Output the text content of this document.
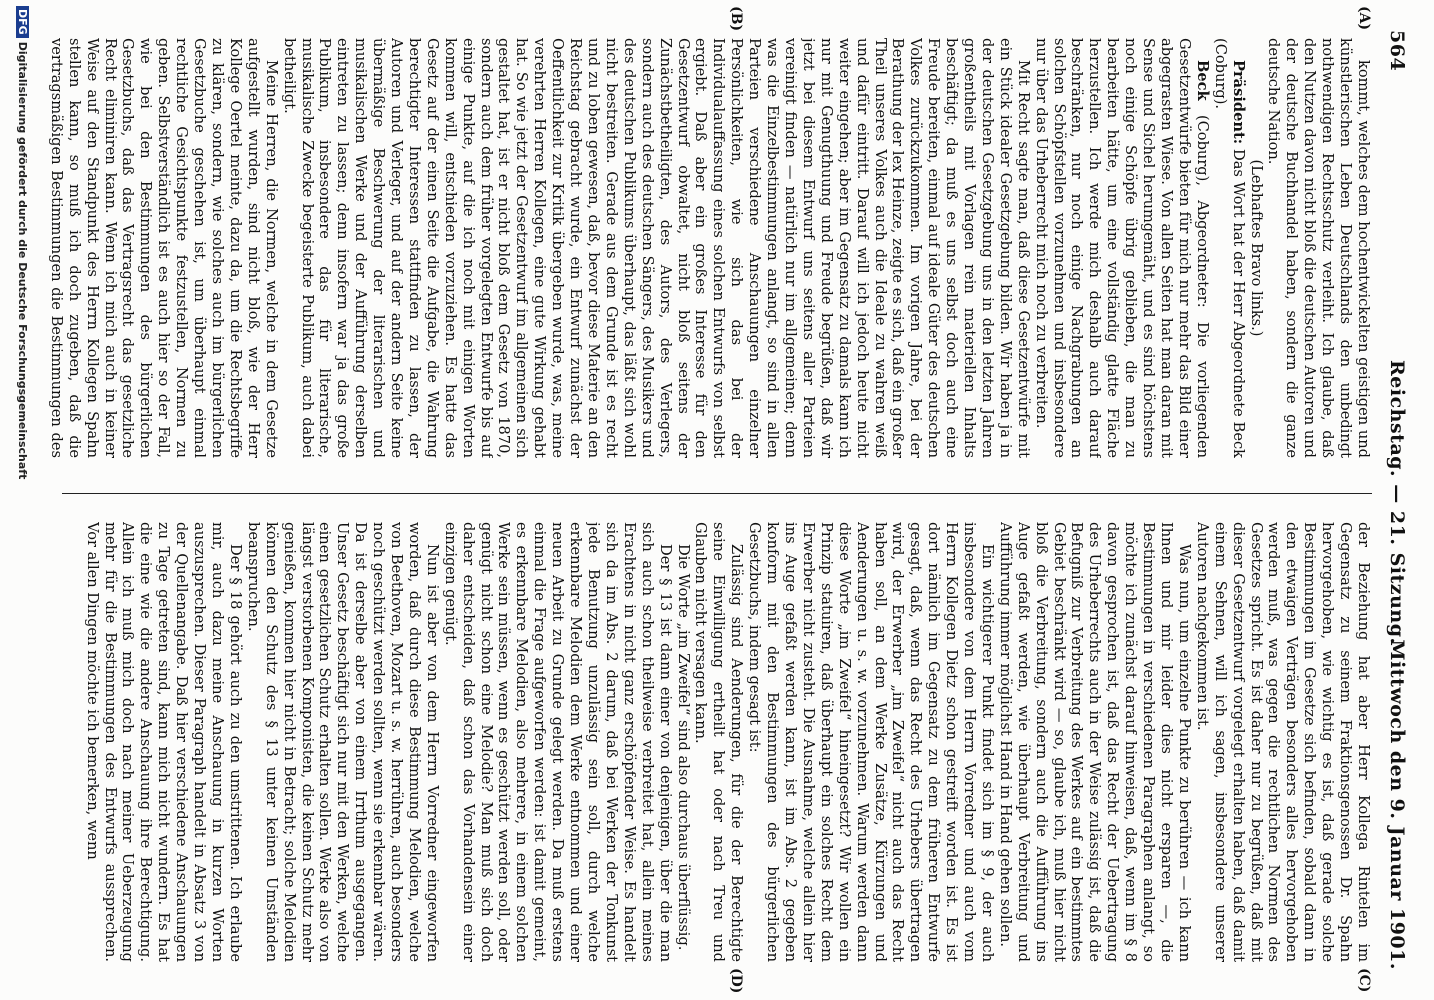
564
Reichstag. — 21. Sitzung.
Mittwoch den 9. Januar 1901.
(A)
(B)
(C)
(D)

kommt, welches dem hochentwickelten geistigen und künstlerischen Leben Deutschlands den unbedingt nothwendigen Rechtsschutz verleiht. Ich glaube, daß den Nutzen davon nicht bloß die deutschen Autoren und der deutsche Buchhandel haben, sondern die ganze deutsche Nation.

(Lebhaftes Bravo links.)

Präsident: Das Wort hat der Herr Abgeordnete Beck (Coburg).

Beck (Coburg), Abgeordneter: Die vorliegenden Gesetzentwürfe bieten für mich nur mehr das Bild einer abgegrasten Wiese. Von allen Seiten hat man daran mit Sense und Sichel herumgemäht, und es sind höchstens noch einige Schöpfe übrig geblieben, die man zu bearbeiten hätte, um eine vollständig glatte Fläche herzustellen. Ich werde mich deshalb auch darauf beschränken, nur noch einige Nachgrabungen an solchen Schöpfstellen vorzunehmen und insbesondere nur über das Urheberrecht mich noch zu verbreiten.

Mit Recht sagte man, daß diese Gesetzentwürfe mit ein Stück idealer Gesetzgebung bilden. Wir haben ja in der deutschen Gesetzgebung uns in den letzten Jahren großentheils mit Vorlagen rein materiellen Inhalts beschäftigt; da muß es uns selbst doch auch eine Freude bereiten, einmal auf ideale Güter des deutschen Volkes zurückzukommen. Im vorigen Jahre, bei der Berathung der lex Heinze, zeigte es sich, daß ein großer Theil unseres Volkes auch die Ideale zu wahren weiß und dafür eintritt. Darauf will ich jedoch heute nicht weiter eingehen; aber im Gegensatz zu damals kann ich nur mit Genugthuung und Freude begrüßen, daß wir jetzt bei diesem Entwurf uns seitens aller Parteien vereinigt finden — natürlich nur im allgemeinen; denn was die Einzelbestimmungen anlangt, so sind in allen Parteien verschiedene Anschauungen einzelner Persönlichkeiten, wie sich das bei der Individualauffassung eines solchen Entwurfs von selbst ergiebt. Daß aber ein großes Interesse für den Gesetzentwurf obwaltet, nicht bloß seitens der Zunächstbetheiligten, des Autors, des Verlegers, sondern auch des deutschen Sängers, des Musikers und des deutschen Publikums überhaupt, das läßt sich wohl nicht bestreiten. Gerade aus dem Grunde ist es recht und zu loben gewesen, daß, bevor diese Materie an den Reichstag gebracht wurde, ein Entwurf zunächst der Oeffentlichkeit zur Kritik übergeben wurde, was, meine verehrten Herren Kollegen, eine gute Wirkung gehabt hat. So wie jetzt der Gesetzentwurf im allgemeinen sich gestaltet hat, ist er nicht bloß dem Gesetz von 1870, sondern auch dem früher vorgelegten Entwurfe bis auf einige Punkte, auf die ich noch mit einigen Worten kommen will, entschieden vorzuziehen. Es hatte das Gesetz auf der einen Seite die Aufgabe, die Wahrung berechtigter Interessen stattfinden zu lassen, der Autoren und Verleger, und auf der andern Seite keine übermäßige Beschwerung der literarischen und musikalischen Werke und der Aufführung derselben eintreten zu lassen; denn insofern war ja das große Publikum, insbesondere das für literarische, musikalische Zwecke begeisterte Publikum, auch dabei betheiligt.

Meine Herren, die Normen, welche in dem Gesetze aufgestellt wurden, sind nicht bloß, wie der Herr Kollege Oertel meinte, dazu da, um die Rechtsbegriffe zu klären, sondern, wie solches auch im bürgerlichen Gesetzbuche geschehen ist, um überhaupt einmal rechtliche Gesichtspunkte festzustellen, Normen zu geben. Selbstverständlich ist es auch hier so der Fall, wie bei den Bestimmungen des bürgerlichen Gesetzbuchs, daß das Vertragsrecht das gesetzliche Recht eliminiren kann. Wenn ich mich auch in keiner Weise auf den Standpunkt des Herrn Kollegen Spahn stellen kann, so muß ich doch zugeben, daß die vertragsmäßigen Bestimmungen die Bestimmungen des

der Beziehung hat aber Herr Kollega Rintelen im Gegensatz zu seinem Fraktionsgenossen Dr. Spahn hervorgehoben, wie wichtig es ist, daß gerade solche Bestimmungen im Gesetze sich befinden, sobald dann in den etwaigen Verträgen besonders alles hervorgehoben werden muß, was gegen die rechtlichen Normen des Gesetzes spricht. Es ist daher nur zu begrüßen, daß mit dieser Gesetzentwurf vorgelegt erhalten haben, daß damit einem Sehnen, will ich sagen, insbesondere unserer Autoren nachgekommen ist.

Was nun, um einzelne Punkte zu berühren — ich kann Ihnen und mir leider dies nicht ersparen —, die Bestimmungen in verschiedenen Paragraphen anlangt, so möchte ich zunächst darauf hinweisen, daß, wenn im § 8 davon gesprochen ist, daß das Recht der Uebertragung des Urheberrechts auch in der Weise zulässig ist, daß die Befugniß zur Verbreitung des Werkes auf ein bestimmtes Gebiet beschränkt wird — so, glaube ich, muß hier nicht bloß die Verbreitung, sondern auch die Aufführung ins Auge gefaßt werden, wie überhaupt Verbreitung und Aufführung immer möglichst Hand in Hand gehen sollen.

Ein wichtigerer Punkt findet sich im § 9, der auch insbesondere von dem Herrn Vorredner und auch vom Herrn Kollegen Dietz schon gestreift worden ist. Es ist dort nämlich im Gegensatz zu dem früheren Entwurfe gesagt, daß, wenn das Recht des Urhebers übertragen wird, der Erwerber „im Zweifel“ nicht auch das Recht haben soll, an dem Werke Zusätze, Kürzungen und Aenderungen u. s. w. vorzunehmen. Warum werden dann diese Worte „im Zweifel“ hineingesetzt? Wir wollen ein Prinzip statuiren, daß überhaupt ein solches Recht dem Erwerber nicht zusteht. Die Ausnahme, welche allein hier ins Auge gefaßt werden kann, ist im Abs. 2 gegeben konform mit den Bestimmungen des bürgerlichen Gesetzbuchs, indem gesagt ist:

Zulässig sind Aenderungen, für die der Berechtigte seine Einwilligung ertheilt hat oder nach Treu und Glauben nicht versagen kann.

Die Worte „im Zweifel“ sind also durchaus überflüssig.

Der § 13 ist dann einer von denjenigen, über die man sich auch schon theilweise verbreitet hat, allein meines Erachtens in nicht ganz erschöpfender Weise. Es handelt sich da im Abs. 2 darum, daß bei Werken der Tonkunst jede Benutzung unzulässig sein soll, durch welche erkennbare Melodien dem Werke entnommen und einer neuen Arbeit zu Grunde gelegt werden. Da muß erstens einmal die Frage aufgeworfen werden: ist damit gemeint, es erkennbare Melodien, also mehrere, in einem solchen Werke sein müssen, wenn es geschützt werden soll, oder genügt nicht schon eine Melodie? Man muß sich doch daher entscheiden, daß schon das Vorhandensein einer einzigen genügt.

Nun ist aber von dem Herrn Vorredner eingeworfen worden, daß durch diese Bestimmung Melodien, welche von Beethoven, Mozart u. s. w. herrühren, auch besonders noch geschützt werden sollten, wenn sie erkennbar wären. Da ist derselbe aber von einem Irrthum ausgegangen. Unser Gesetz beschäftigt sich nur mit den Werken, welche einen gesetzlichen Schutz erhalten sollen. Werke also von längst verstorbenen Komponisten, die keinen Schutz mehr genießen, kommen hier nicht in Betracht; solche Melodien können den Schutz des § 13 unter keinen Umständen beanspruchen.

Der § 18 gehört auch zu den umstrittenen. Ich erlaube mir, auch dazu meine Anschauung in kurzen Worten auszusprechen. Dieser Paragraph handelt in Absatz 3 von der Quellenangabe. Daß hier verschiedene Anschauungen zu Tage getreten sind, kann mich nicht wundern. Es hat die eine wie die andere Anschauung ihre Berechtigung. Allein ich muß mich doch nach meiner Ueberzeugung mehr für die Bestimmungen des Entwurfs aussprechen. Vor allen Dingen möchte ich bemerken, wenn

DFGDigitalisierung gefördert durch die Deutsche Forschungsgemeinschaft
